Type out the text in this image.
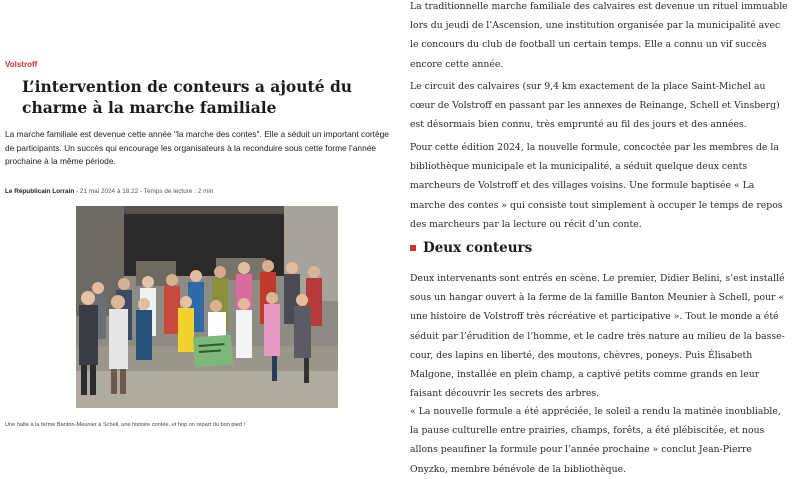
Volstroff
L’intervention de conteurs a ajouté du charme à la marche familiale

La marche familiale est devenue cette année "la marche des contes". Elle a séduit un important cortège de participants. Un succès qui encourage les organisateurs à la reconduire sous cette forme l’année prochaine à la même période.

Le Républicain Lorrain - 21 mai 2024 à 18:22 - Temps de lecture : 2 min
Une halte à la ferme Banton-Meunier à Schell, une histoire contée, et hop on repart du bon pied !

La traditionnelle marche familiale des calvaires est devenue un rituel immuable lors du jeudi de l’Ascension, une institution organisée par la municipalité avec le concours du club de football un certain temps. Elle a connu un vif succès encore cette année.

Le circuit des calvaires (sur 9,4 km exactement de la place Saint-Michel au cœur de Volstroff en passant par les annexes de Reinange, Schell et Vinsberg) est désormais bien connu, très emprunté au fil des jours et des années.

Pour cette édition 2024, la nouvelle formule, concoctée par les membres de la bibliothèque municipale et la municipalité, a séduit quelque deux cents marcheurs de Volstroff et des villages voisins. Une formule baptisée « La marche des contes » qui consiste tout simplement à occuper le temps de repos des marcheurs par la lecture ou récit d’un conte.

Deux conteurs

Deux intervenants sont entrés en scène. Le premier, Didier Belini, s’est installé sous un hangar ouvert à la ferme de la famille Banton Meunier à Schell, pour « une histoire de Volstroff très récréative et participative ». Tout le monde a été séduit par l’érudition de l’homme, et le cadre très nature au milieu de la basse-cour, des lapins en liberté, des moutons, chèvres, poneys. Puis Élisabeth Malgone, installée en plein champ, a captivé petits comme grands en leur faisant découvrir les secrets des arbres.

« La nouvelle formule a été appréciée, le soleil a rendu la matinée inoubliable, la pause culturelle entre prairies, champs, forêts, a été plébiscitée, et nous allons peaufiner la formule pour l’année prochaine » conclut Jean-Pierre Onyzko, membre bénévole de la bibliothèque.
